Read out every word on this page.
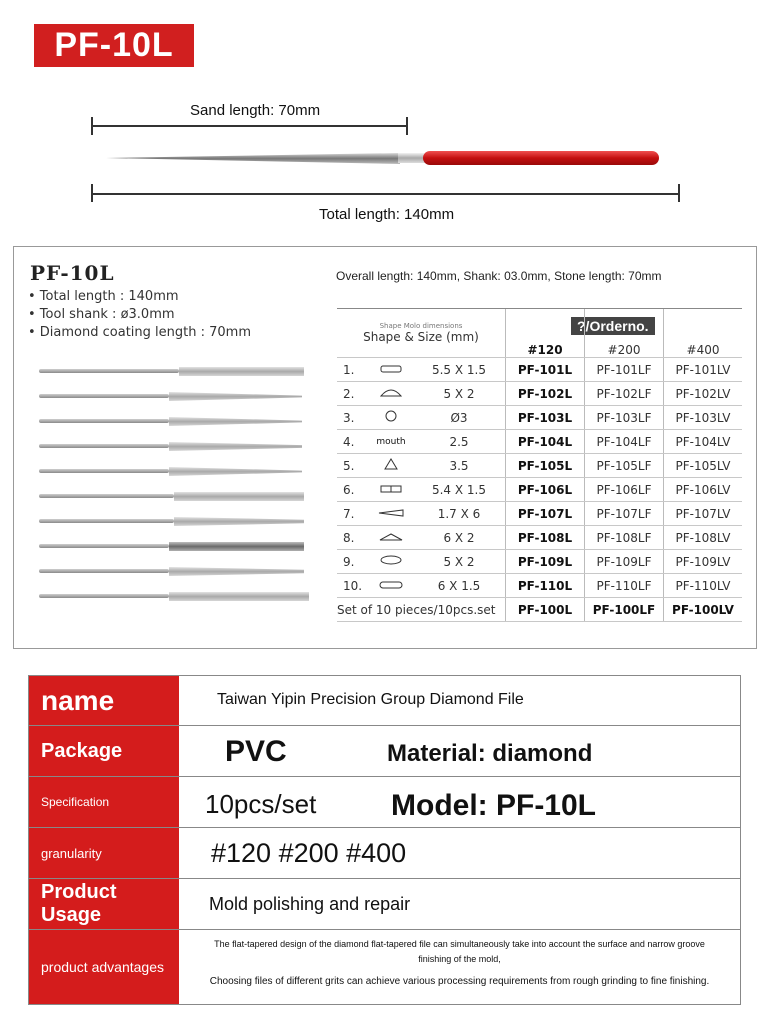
PF-10L
Sand length: 70mm
Total length: 140mm
PF-10L
• Total length : 140mm
• Tool shank : ø3.0mm
• Diamond coating length : 70mm
Overall length: 140mm, Shank: 03.0mm, Stone length: 70mm
?/Orderno.
Shape Molo dimensions
Shape & Size (mm)			#120	#200	#400
1.		5.5 X 1.5	PF-101L	PF-101LF	PF-101LV
2.		5 X 2	PF-102L	PF-102LF	PF-102LV
3.		Ø3	PF-103L	PF-103LF	PF-103LV
4.	mouth	2.5	PF-104L	PF-104LF	PF-104LV
5.		3.5	PF-105L	PF-105LF	PF-105LV
6.		5.4 X 1.5	PF-106L	PF-106LF	PF-106LV
7.		1.7 X 6	PF-107L	PF-107LF	PF-107LV
8.		6 X 2	PF-108L	PF-108LF	PF-108LV
9.		5 X 2	PF-109L	PF-109LF	PF-109LV
10.		6 X 1.5	PF-110L	PF-110LF	PF-110LV
Set of 10 pieces/10pcs.set			PF-100L	PF-100LF	PF-100LV
name	Taiwan Yipin Precision Group Diamond File
Package	PVC	Material: diamond
Specification	10pcs/set Model: PF-10L
granularity	#120 #200 #400
Product Usage	Mold polishing and repair
product advantages
The flat-tapered design of the diamond flat-tapered file can simultaneously take into account the surface and narrow groove
finishing of the mold,
Choosing files of different grits can achieve various processing requirements from rough grinding to fine finishing.
